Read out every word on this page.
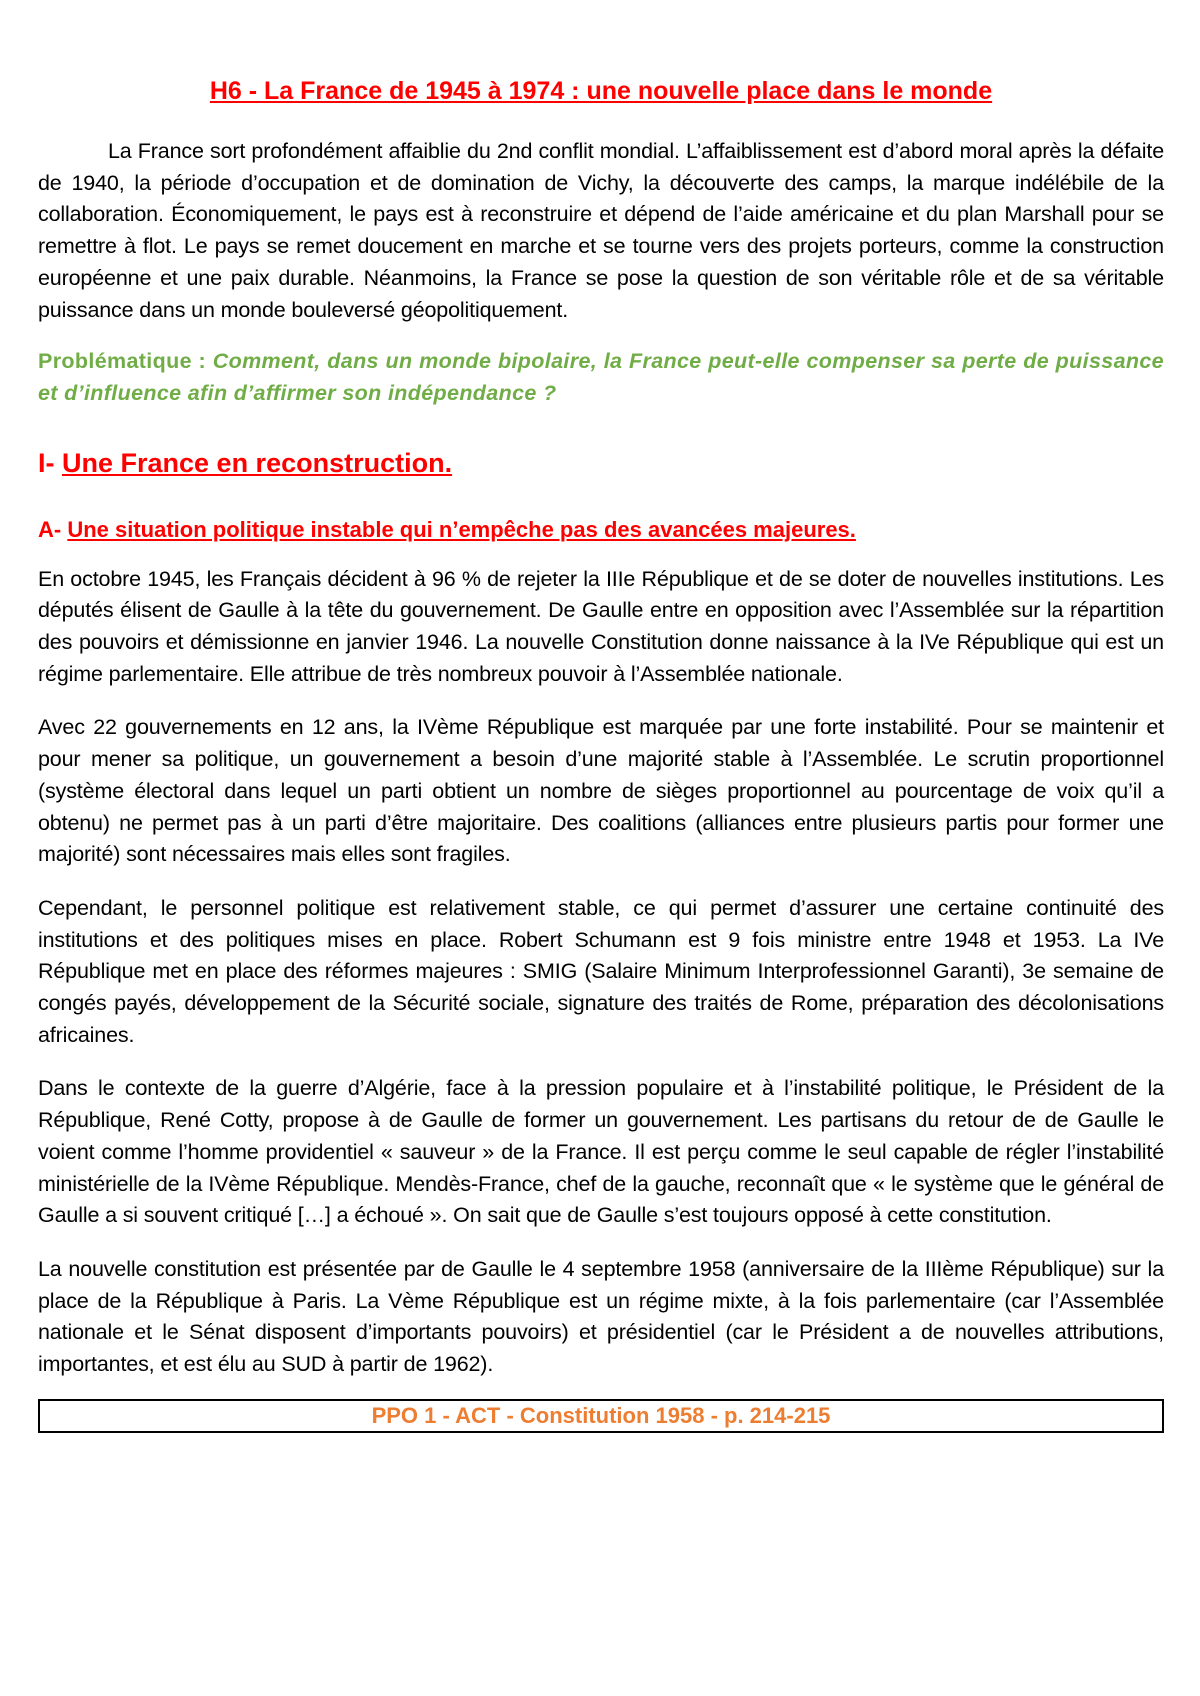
H6 - La France de 1945 à 1974 : une nouvelle place dans le monde

La France sort profondément affaiblie du 2nd conflit mondial. L’affaiblissement est d’abord moral après la défaite de 1940, la période d’occupation et de domination de Vichy, la découverte des camps, la marque indélébile de la collaboration. Économiquement, le pays est à reconstruire et dépend de l’aide américaine et du plan Marshall pour se remettre à flot. Le pays se remet doucement en marche et se tourne vers des projets porteurs, comme la construction européenne et une paix durable. Néanmoins, la France se pose la question de son véritable rôle et de sa véritable puissance dans un monde bouleversé géopolitiquement.

Problématique : Comment, dans un monde bipolaire, la France peut-elle compenser sa perte de puissance et d’influence afin d’affirmer son indépendance ?
I- Une France en reconstruction.
A- Une situation politique instable qui n’empêche pas des avancées majeures.

En octobre 1945, les Français décident à 96 % de rejeter la IIIe République et de se doter de nouvelles institutions. Les députés élisent de Gaulle à la tête du gouvernement. De Gaulle entre en opposition avec l’Assemblée sur la répartition des pouvoirs et démissionne en janvier 1946. La nouvelle Constitution donne naissance à la IVe République qui est un régime parlementaire. Elle attribue de très nombreux pouvoir à l’Assemblée nationale.

Avec 22 gouvernements en 12 ans, la IVème République est marquée par une forte instabilité. Pour se maintenir et pour mener sa politique, un gouvernement a besoin d’une majorité stable à l’Assemblée. Le scrutin proportionnel (système électoral dans lequel un parti obtient un nombre de sièges proportionnel au pourcentage de voix qu’il a obtenu) ne permet pas à un parti d’être majoritaire. Des coalitions (alliances entre plusieurs partis pour former une majorité) sont nécessaires mais elles sont fragiles.

Cependant, le personnel politique est relativement stable, ce qui permet d’assurer une certaine continuité des institutions et des politiques mises en place. Robert Schumann est 9 fois ministre entre 1948 et 1953. La IVe République met en place des réformes majeures : SMIG (Salaire Minimum Interprofessionnel Garanti), 3e semaine de congés payés, développement de la Sécurité sociale, signature des traités de Rome, préparation des décolonisations africaines.

Dans le contexte de la guerre d’Algérie, face à la pression populaire et à l’instabilité politique, le Président de la République, René Cotty, propose à de Gaulle de former un gouvernement. Les partisans du retour de de Gaulle le voient comme l’homme providentiel « sauveur » de la France. Il est perçu comme le seul capable de régler l’instabilité ministérielle de la IVème République. Mendès-France, chef de la gauche, reconnaît que « le système que le général de Gaulle a si souvent critiqué […] a échoué ». On sait que de Gaulle s’est toujours opposé à cette constitution.

La nouvelle constitution est présentée par de Gaulle le 4 septembre 1958 (anniversaire de la IIIème République) sur la place de la République à Paris. La Vème République est un régime mixte, à la fois parlementaire (car l’Assemblée nationale et le Sénat disposent d’importants pouvoirs) et présidentiel (car le Président a de nouvelles attributions, importantes, et est élu au SUD à partir de 1962).

PPO 1 - ACT - Constitution 1958 - p. 214-215
